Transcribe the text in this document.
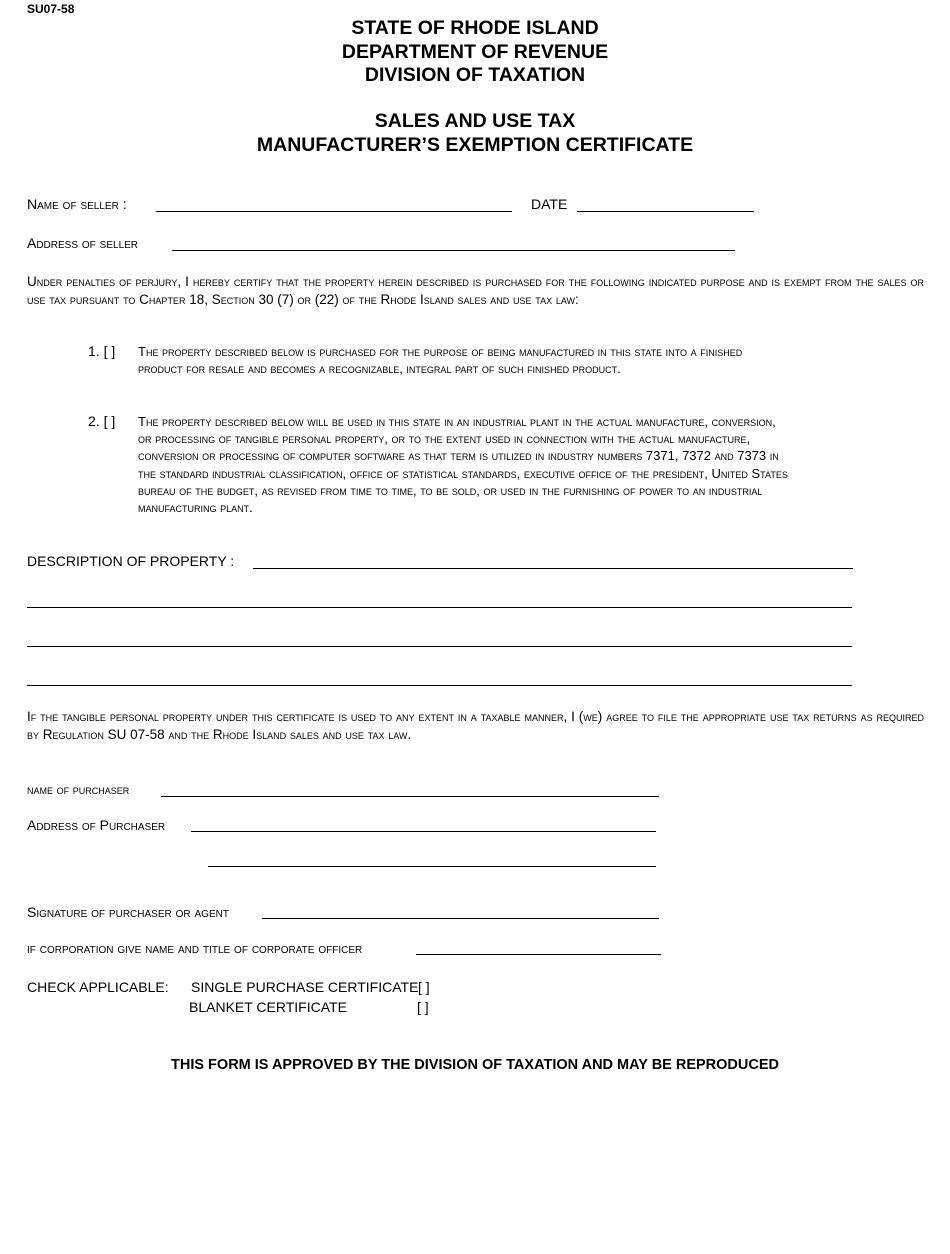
SU07-58
STATE OF RHODE ISLAND
DEPARTMENT OF REVENUE
DIVISION OF TAXATION
SALES AND USE TAX
MANUFACTURER’S EXEMPTION CERTIFICATE
Name of seller :	DATE
Address of seller
Under penalties of perjury, I hereby certify that the property herein described is purchased for the following indicated purpose and is exempt from the sales or use tax pursuant to Chapter 18, Section 30 (7) or (22) of the Rhode Island sales and use tax law:
1. [ ]	The property described below is purchased for the purpose of being manufactured in this state into a finished product for resale and becomes a recognizable, integral part of such finished product.
2. [ ]	The property described below will be used in this state in an industrial plant in the actual manufacture, conversion, or processing of tangible personal property, or to the extent used in connection with the actual manufacture, conversion or processing of computer software as that term is utilized in industry numbers 7371, 7372 and 7373 in the standard industrial classification, office of statistical standards, executive office of the president, United States bureau of the budget, as revised from time to time, to be sold, or used in the furnishing of power to an industrial manufacturing plant.
DESCRIPTION OF PROPERTY :
If the tangible personal property under this certificate is used to any extent in a taxable manner, I (we) agree to file the appropriate use tax returns as required by Regulation SU 07-58 and the Rhode Island sales and use tax law.
name of purchaser
Address of Purchaser
Signature of purchaser or agent
if corporation give name and title of corporate officer
CHECK APPLICABLE: SINGLE PURCHASE CERTIFICATE [ ]
BLANKET CERTIFICATE	[ ]
THIS FORM IS APPROVED BY THE DIVISION OF TAXATION AND MAY BE REPRODUCED
